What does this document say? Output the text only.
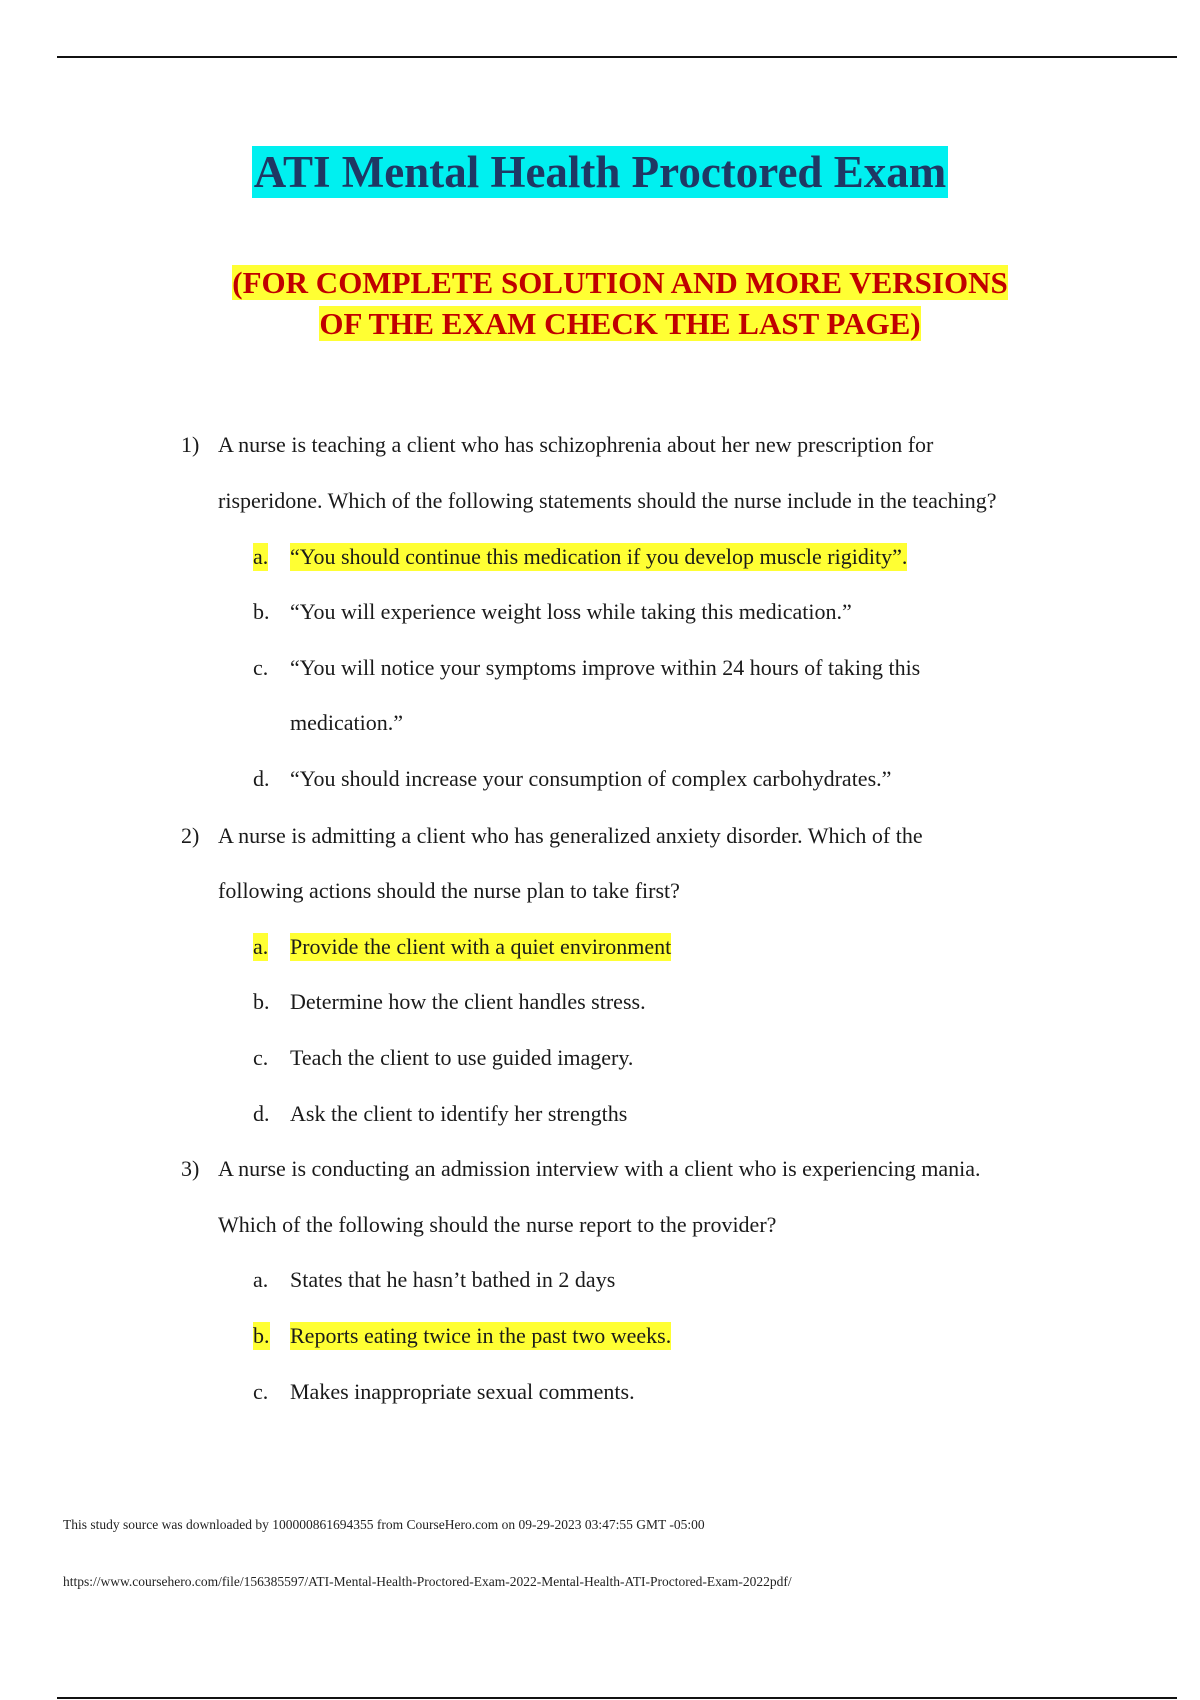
ATI Mental Health Proctored Exam
(FOR COMPLETE SOLUTION AND MORE VERSIONS
OF THE EXAM CHECK THE LAST PAGE)
1) A nurse is teaching a client who has schizophrenia about her new prescription for
risperidone. Which of the following statements should the nurse include in the teaching?
a. “You should continue this medication if you develop muscle rigidity”.
b. “You will experience weight loss while taking this medication.”
c. “You will notice your symptoms improve within 24 hours of taking this
medication.”
d. “You should increase your consumption of complex carbohydrates.”
2) A nurse is admitting a client who has generalized anxiety disorder. Which of the
following actions should the nurse plan to take first?
a. Provide the client with a quiet environment
b. Determine how the client handles stress.
c. Teach the client to use guided imagery.
d. Ask the client to identify her strengths
3) A nurse is conducting an admission interview with a client who is experiencing mania.
Which of the following should the nurse report to the provider?
a. States that he hasn’t bathed in 2 days
b. Reports eating twice in the past two weeks.
c. Makes inappropriate sexual comments.
This study source was downloaded by 100000861694355 from CourseHero.com on 09-29-2023 03:47:55 GMT -05:00
https://www.coursehero.com/file/156385597/ATI-Mental-Health-Proctored-Exam-2022-Mental-Health-ATI-Proctored-Exam-2022pdf/
